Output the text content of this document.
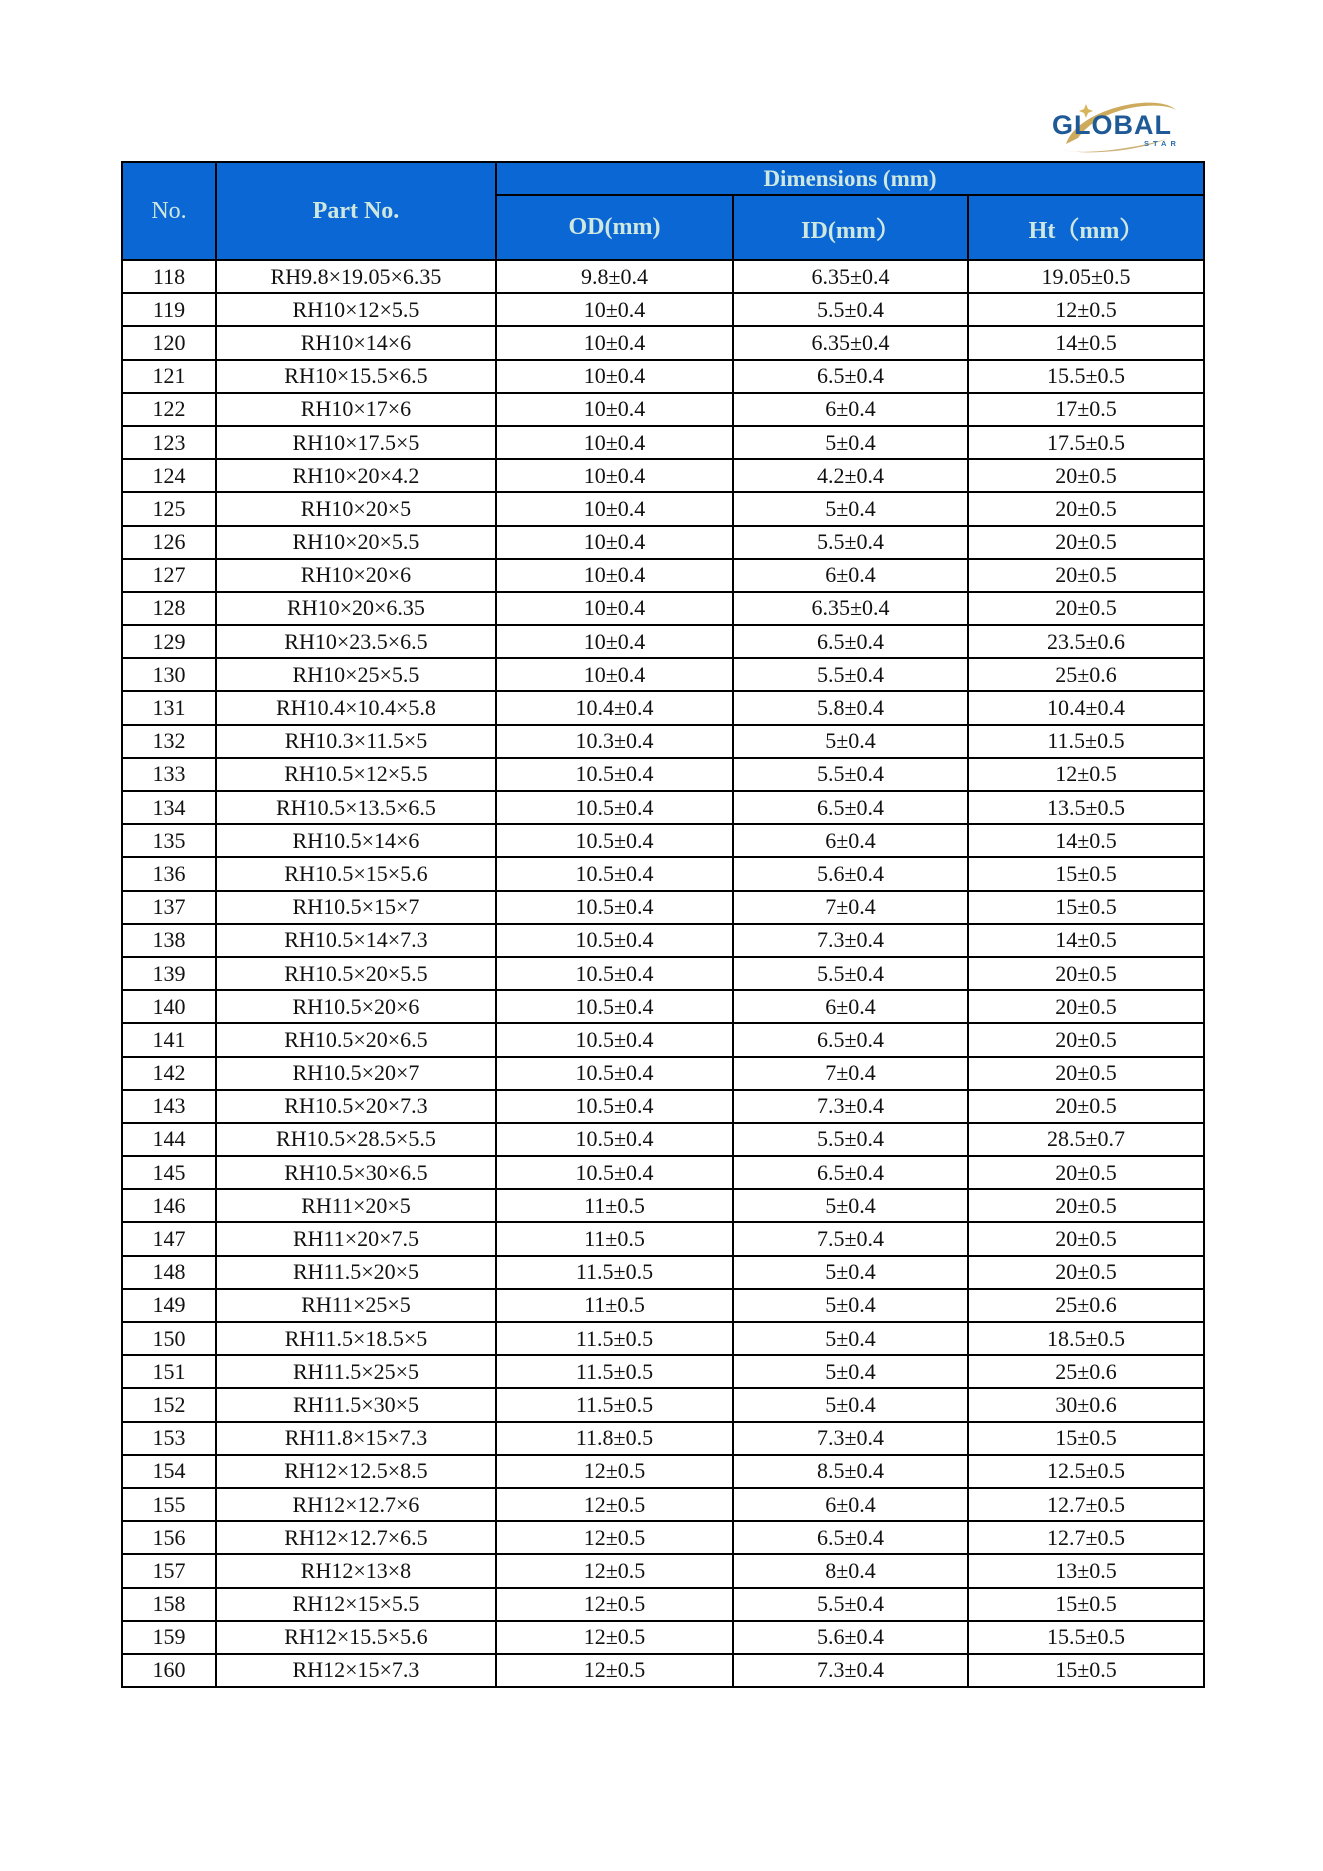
GLOBAL
STAR
No.	Part No.	Dimensions (mm)		
		OD(mm)	ID(mm）	Ht（mm）
118	RH9.8×19.05×6.35	9.8±0.4	6.35±0.4	19.05±0.5
119	RH10×12×5.5	10±0.4	5.5±0.4	12±0.5
120	RH10×14×6	10±0.4	6.35±0.4	14±0.5
121	RH10×15.5×6.5	10±0.4	6.5±0.4	15.5±0.5
122	RH10×17×6	10±0.4	6±0.4	17±0.5
123	RH10×17.5×5	10±0.4	5±0.4	17.5±0.5
124	RH10×20×4.2	10±0.4	4.2±0.4	20±0.5
125	RH10×20×5	10±0.4	5±0.4	20±0.5
126	RH10×20×5.5	10±0.4	5.5±0.4	20±0.5
127	RH10×20×6	10±0.4	6±0.4	20±0.5
128	RH10×20×6.35	10±0.4	6.35±0.4	20±0.5
129	RH10×23.5×6.5	10±0.4	6.5±0.4	23.5±0.6
130	RH10×25×5.5	10±0.4	5.5±0.4	25±0.6
131	RH10.4×10.4×5.8	10.4±0.4	5.8±0.4	10.4±0.4
132	RH10.3×11.5×5	10.3±0.4	5±0.4	11.5±0.5
133	RH10.5×12×5.5	10.5±0.4	5.5±0.4	12±0.5
134	RH10.5×13.5×6.5	10.5±0.4	6.5±0.4	13.5±0.5
135	RH10.5×14×6	10.5±0.4	6±0.4	14±0.5
136	RH10.5×15×5.6	10.5±0.4	5.6±0.4	15±0.5
137	RH10.5×15×7	10.5±0.4	7±0.4	15±0.5
138	RH10.5×14×7.3	10.5±0.4	7.3±0.4	14±0.5
139	RH10.5×20×5.5	10.5±0.4	5.5±0.4	20±0.5
140	RH10.5×20×6	10.5±0.4	6±0.4	20±0.5
141	RH10.5×20×6.5	10.5±0.4	6.5±0.4	20±0.5
142	RH10.5×20×7	10.5±0.4	7±0.4	20±0.5
143	RH10.5×20×7.3	10.5±0.4	7.3±0.4	20±0.5
144	RH10.5×28.5×5.5	10.5±0.4	5.5±0.4	28.5±0.7
145	RH10.5×30×6.5	10.5±0.4	6.5±0.4	20±0.5
146	RH11×20×5	11±0.5	5±0.4	20±0.5
147	RH11×20×7.5	11±0.5	7.5±0.4	20±0.5
148	RH11.5×20×5	11.5±0.5	5±0.4	20±0.5
149	RH11×25×5	11±0.5	5±0.4	25±0.6
150	RH11.5×18.5×5	11.5±0.5	5±0.4	18.5±0.5
151	RH11.5×25×5	11.5±0.5	5±0.4	25±0.6
152	RH11.5×30×5	11.5±0.5	5±0.4	30±0.6
153	RH11.8×15×7.3	11.8±0.5	7.3±0.4	15±0.5
154	RH12×12.5×8.5	12±0.5	8.5±0.4	12.5±0.5
155	RH12×12.7×6	12±0.5	6±0.4	12.7±0.5
156	RH12×12.7×6.5	12±0.5	6.5±0.4	12.7±0.5
157	RH12×13×8	12±0.5	8±0.4	13±0.5
158	RH12×15×5.5	12±0.5	5.5±0.4	15±0.5
159	RH12×15.5×5.6	12±0.5	5.6±0.4	15.5±0.5
160	RH12×15×7.3	12±0.5	7.3±0.4	15±0.5
